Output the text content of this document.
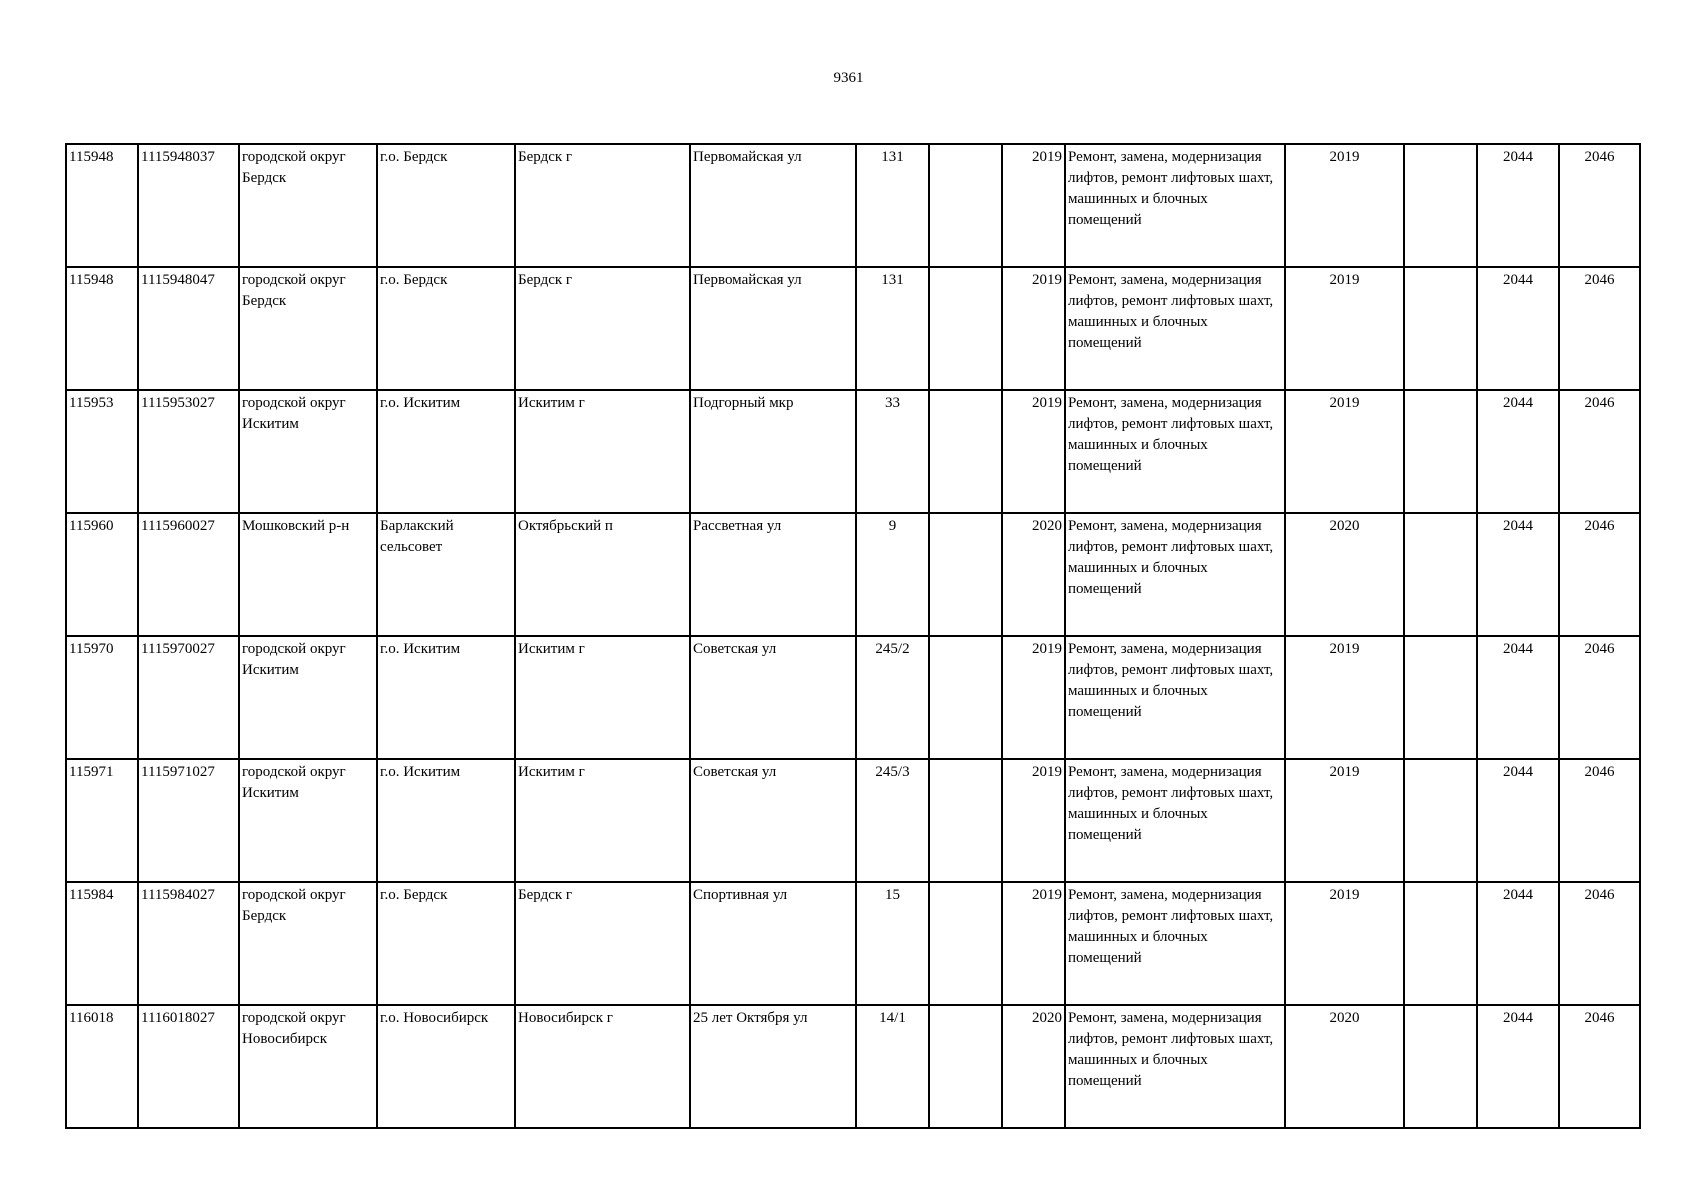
9361
115948	1115948037	городской округ Бердск	г.о. Бердск	Бердск г	Первомайская ул	131		2019	Ремонт, замена, модернизация лифтов, ремонт лифтовых шахт, машинных и блочных помещений	2019		2044	2046
115948	1115948047	городской округ Бердск	г.о. Бердск	Бердск г	Первомайская ул	131		2019	Ремонт, замена, модернизация лифтов, ремонт лифтовых шахт, машинных и блочных помещений	2019		2044	2046
115953	1115953027	городской округ Искитим	г.о. Искитим	Искитим г	Подгорный мкр	33		2019	Ремонт, замена, модернизация лифтов, ремонт лифтовых шахт, машинных и блочных помещений	2019		2044	2046
115960	1115960027	Мошковский р-н	Барлакский сельсовет	Октябрьский п	Рассветная ул	9		2020	Ремонт, замена, модернизация лифтов, ремонт лифтовых шахт, машинных и блочных помещений	2020		2044	2046
115970	1115970027	городской округ Искитим	г.о. Искитим	Искитим г	Советская ул	245/2		2019	Ремонт, замена, модернизация лифтов, ремонт лифтовых шахт, машинных и блочных помещений	2019		2044	2046
115971	1115971027	городской округ Искитим	г.о. Искитим	Искитим г	Советская ул	245/3		2019	Ремонт, замена, модернизация лифтов, ремонт лифтовых шахт, машинных и блочных помещений	2019		2044	2046
115984	1115984027	городской округ Бердск	г.о. Бердск	Бердск г	Спортивная ул	15		2019	Ремонт, замена, модернизация лифтов, ремонт лифтовых шахт, машинных и блочных помещений	2019		2044	2046
116018	1116018027	городской округ Новосибирск	г.о. Новосибирск	Новосибирск г	25 лет Октября ул	14/1		2020	Ремонт, замена, модернизация лифтов, ремонт лифтовых шахт, машинных и блочных помещений	2020		2044	2046
